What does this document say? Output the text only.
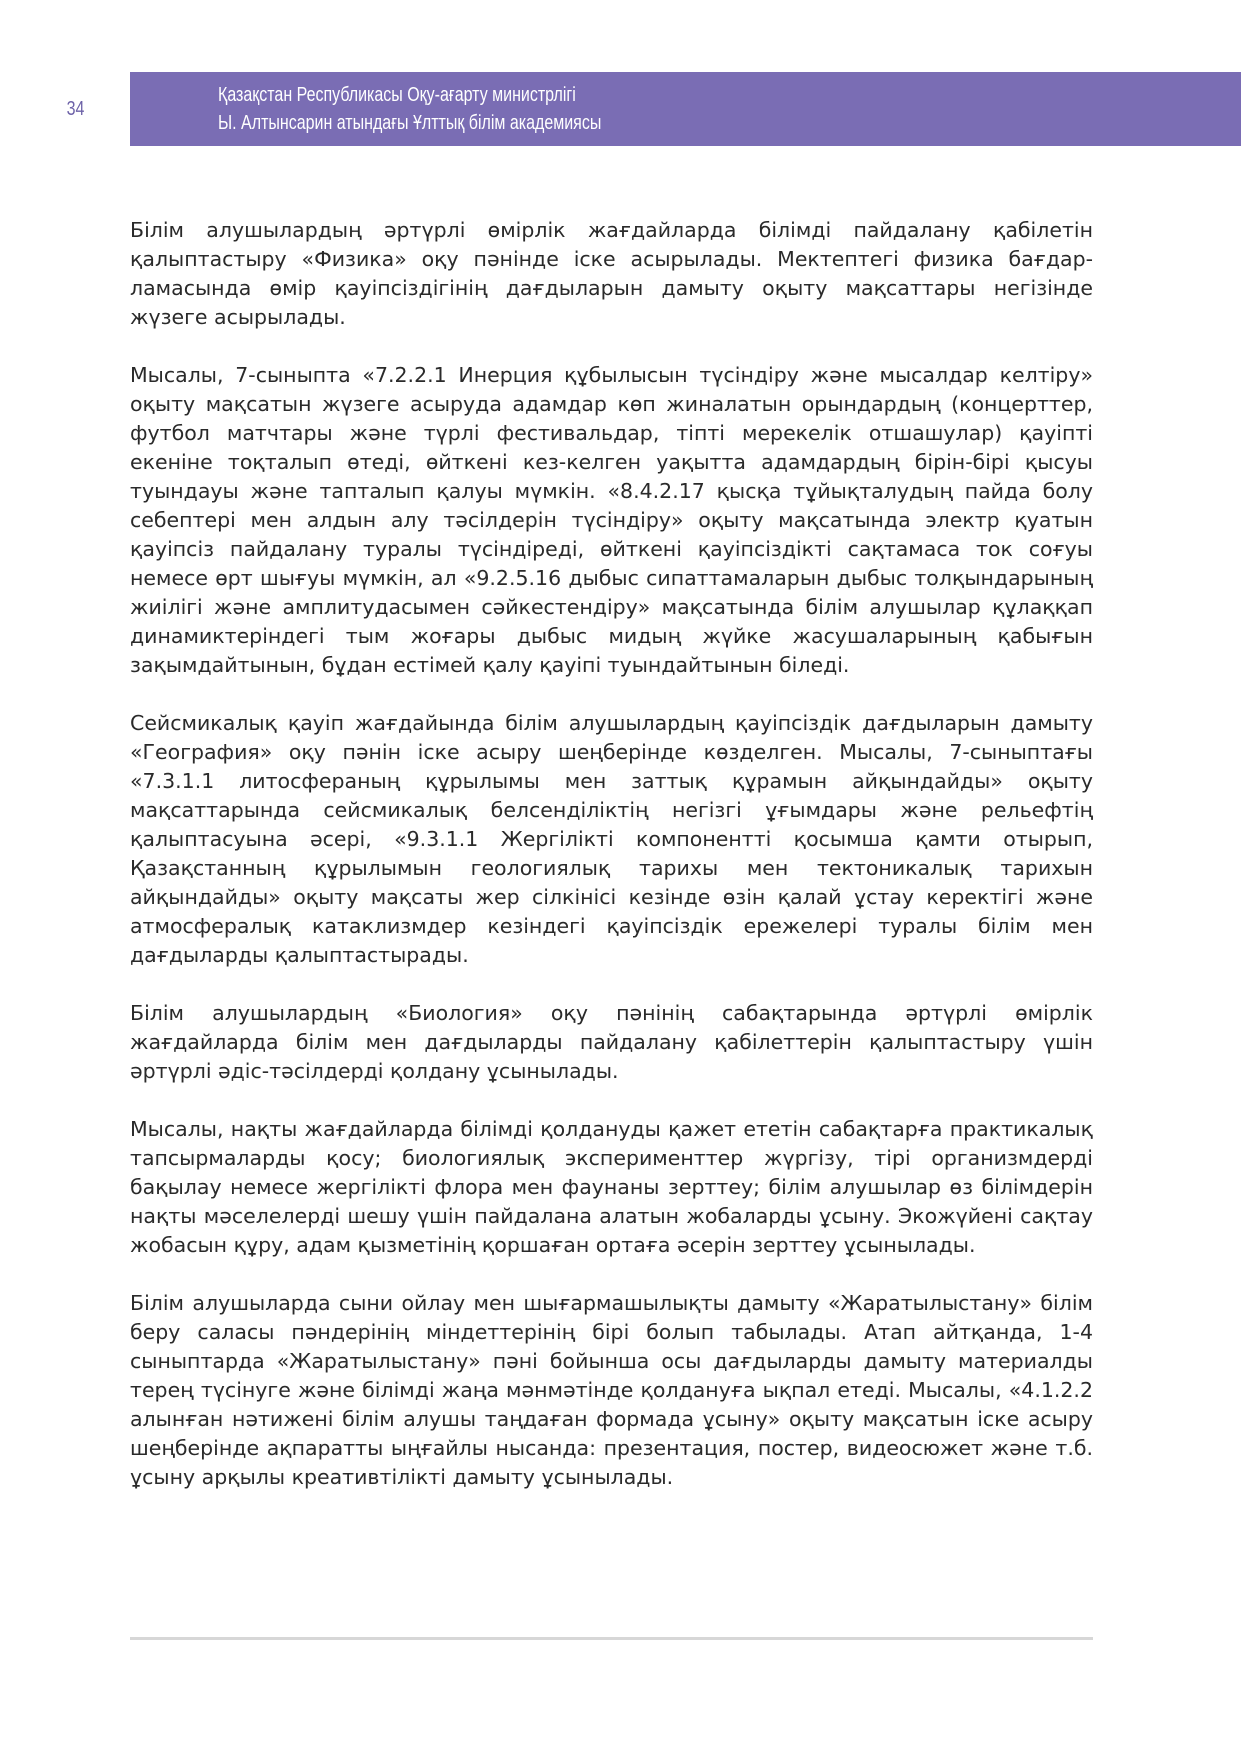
34
Қазақстан Республикасы Оқу-ағарту министрлігі
Ы. Алтынсарин атындағы Ұлттық білім академиясы

Білім алушылардың әртүрлі өмірлік жағдайларда білімді пайдалану қабілетін қалыптастыру «Физика» оқу пәнінде іске асырылады. Мектептегі физика бағдарламасында өмір қауіпсіздігінің дағдыларын дамыту оқыту мақсаттары негізінде жүзеге асырылады.

Мысалы, 7-сыныпта «7.2.2.1 Инерция құбылысын түсіндіру және мысалдар келтіру» оқыту мақсатын жүзеге асыруда адамдар көп жиналатын орындардың (концерттер, футбол матчтары және түрлі фестивальдар, тіпті мерекелік отшашулар) қауіпті екеніне тоқталып өтеді, өйткені кез-келген уақытта адамдардың бірін-бірі қысуы туындауы және тапталып қалуы мүмкін. «8.4.2.17 қысқа тұйықталудың пайда болу себептері мен алдын алу тәсілдерін түсіндіру» оқыту мақсатында электр қуатын қауіпсіз пайдалану туралы түсіндіреді, өйткені қауіпсіздікті сақтамаса ток соғуы немесе өрт шығуы мүмкін, ал «9.2.5.16 дыбыс сипаттамаларын дыбыс толқындарының жиілігі және амплитудасымен сәйкестендіру» мақсатында білім алушылар құлаққап динамиктеріндегі тым жоғары дыбыс мидың жүйке жасушаларының қабығын зақымдайтынын, бұдан естімей қалу қауіпі туындайтынын біледі.

Сейсмикалық қауіп жағдайында білім алушылардың қауіпсіздік дағдыларын дамыту «География» оқу пәнін іске асыру шеңберінде көзделген. Мысалы, 7-сыныптағы «7.3.1.1 литосфераның құрылымы мен заттық құрамын айқындайды» оқыту мақсаттарында сейсмикалық белсенділіктің негізгі ұғымдары және рельефтің қалыптасуына әсері, «9.3.1.1 Жергілікті компонентті қосымша қамти отырып, Қазақстанның құрылымын геологиялық тарихы мен тектоникалық тарихын айқындайды» оқыту мақсаты жер сілкінісі кезінде өзін қалай ұстау керектігі және атмосфералық катаклизмдер кезіндегі қауіпсіздік ережелері туралы білім мен дағдыларды қалыптастырады.

Білім алушылардың «Биология» оқу пәнінің сабақтарында әртүрлі өмірлік жағдайларда білім мен дағдыларды пайдалану қабілеттерін қалыптастыру үшін әртүрлі әдіс-тәсілдерді қолдану ұсынылады.

Мысалы, нақты жағдайларда білімді қолдануды қажет ететін сабақтарға практикалық тапсырмаларды қосу; биологиялық эксперименттер жүргізу, тірі организмдерді бақылау немесе жергілікті флора мен фаунаны зерттеу; білім алушылар өз білімдерін нақты мәселелерді шешу үшін пайдалана алатын жобаларды ұсыну. Экожүйені сақтау жобасын құру, адам қызметінің қоршаған ортаға әсерін зерттеу ұсынылады.

Білім алушыларда сыни ойлау мен шығармашылықты дамыту «Жаратылыстану» білім беру саласы пәндерінің міндеттерінің бірі болып табылады. Атап айтқанда, 1-4 сыныптарда «Жаратылыстану» пәні бойынша осы дағдыларды дамыту материалды терең түсінуге және білімді жаңа мәнмәтінде қолдануға ықпал етеді. Мысалы, «4.1.2.2 алынған нәтижені білім алушы таңдаған формада ұсыну» оқыту мақсатын іске асыру шеңберінде ақпаратты ыңғайлы нысанда: презентация, постер, видеосюжет және т.б. ұсыну арқылы креативтілікті дамыту ұсынылады.
